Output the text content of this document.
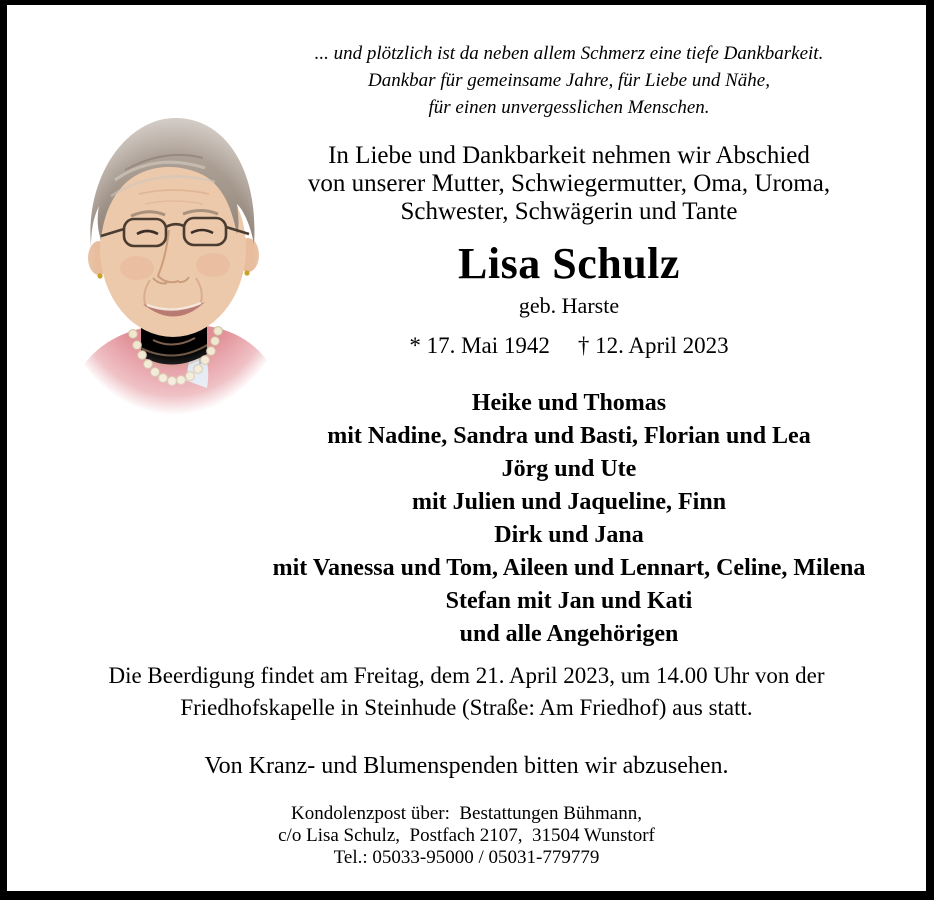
... und plötzlich ist da neben allem Schmerz eine tiefe Dankbarkeit.
Dankbar für gemeinsame Jahre, für Liebe und Nähe,
für einen unvergesslichen Menschen.
In Liebe und Dankbarkeit nehmen wir Abschied
von unserer Mutter, Schwiegermutter, Oma, Uroma,
Schwester, Schwägerin und Tante
Lisa Schulz
geb. Harste
* 17. Mai 1942 † 12. April 2023
Heike und Thomas
mit Nadine, Sandra und Basti, Florian und Lea
Jörg und Ute
mit Julien und Jaqueline, Finn
Dirk und Jana
mit Vanessa und Tom, Aileen und Lennart, Celine, Milena
Stefan mit Jan und Kati
und alle Angehörigen
Die Beerdigung findet am Freitag, dem 21. April 2023, um 14.00 Uhr von der
Friedhofskapelle in Steinhude (Straße: Am Friedhof) aus statt.
Von Kranz- und Blumenspenden bitten wir abzusehen.
Kondolenzpost über:  Bestattungen Bühmann,
c/o Lisa Schulz,  Postfach 2107,  31504 Wunstorf
Tel.: 05033-95000 / 05031-779779
